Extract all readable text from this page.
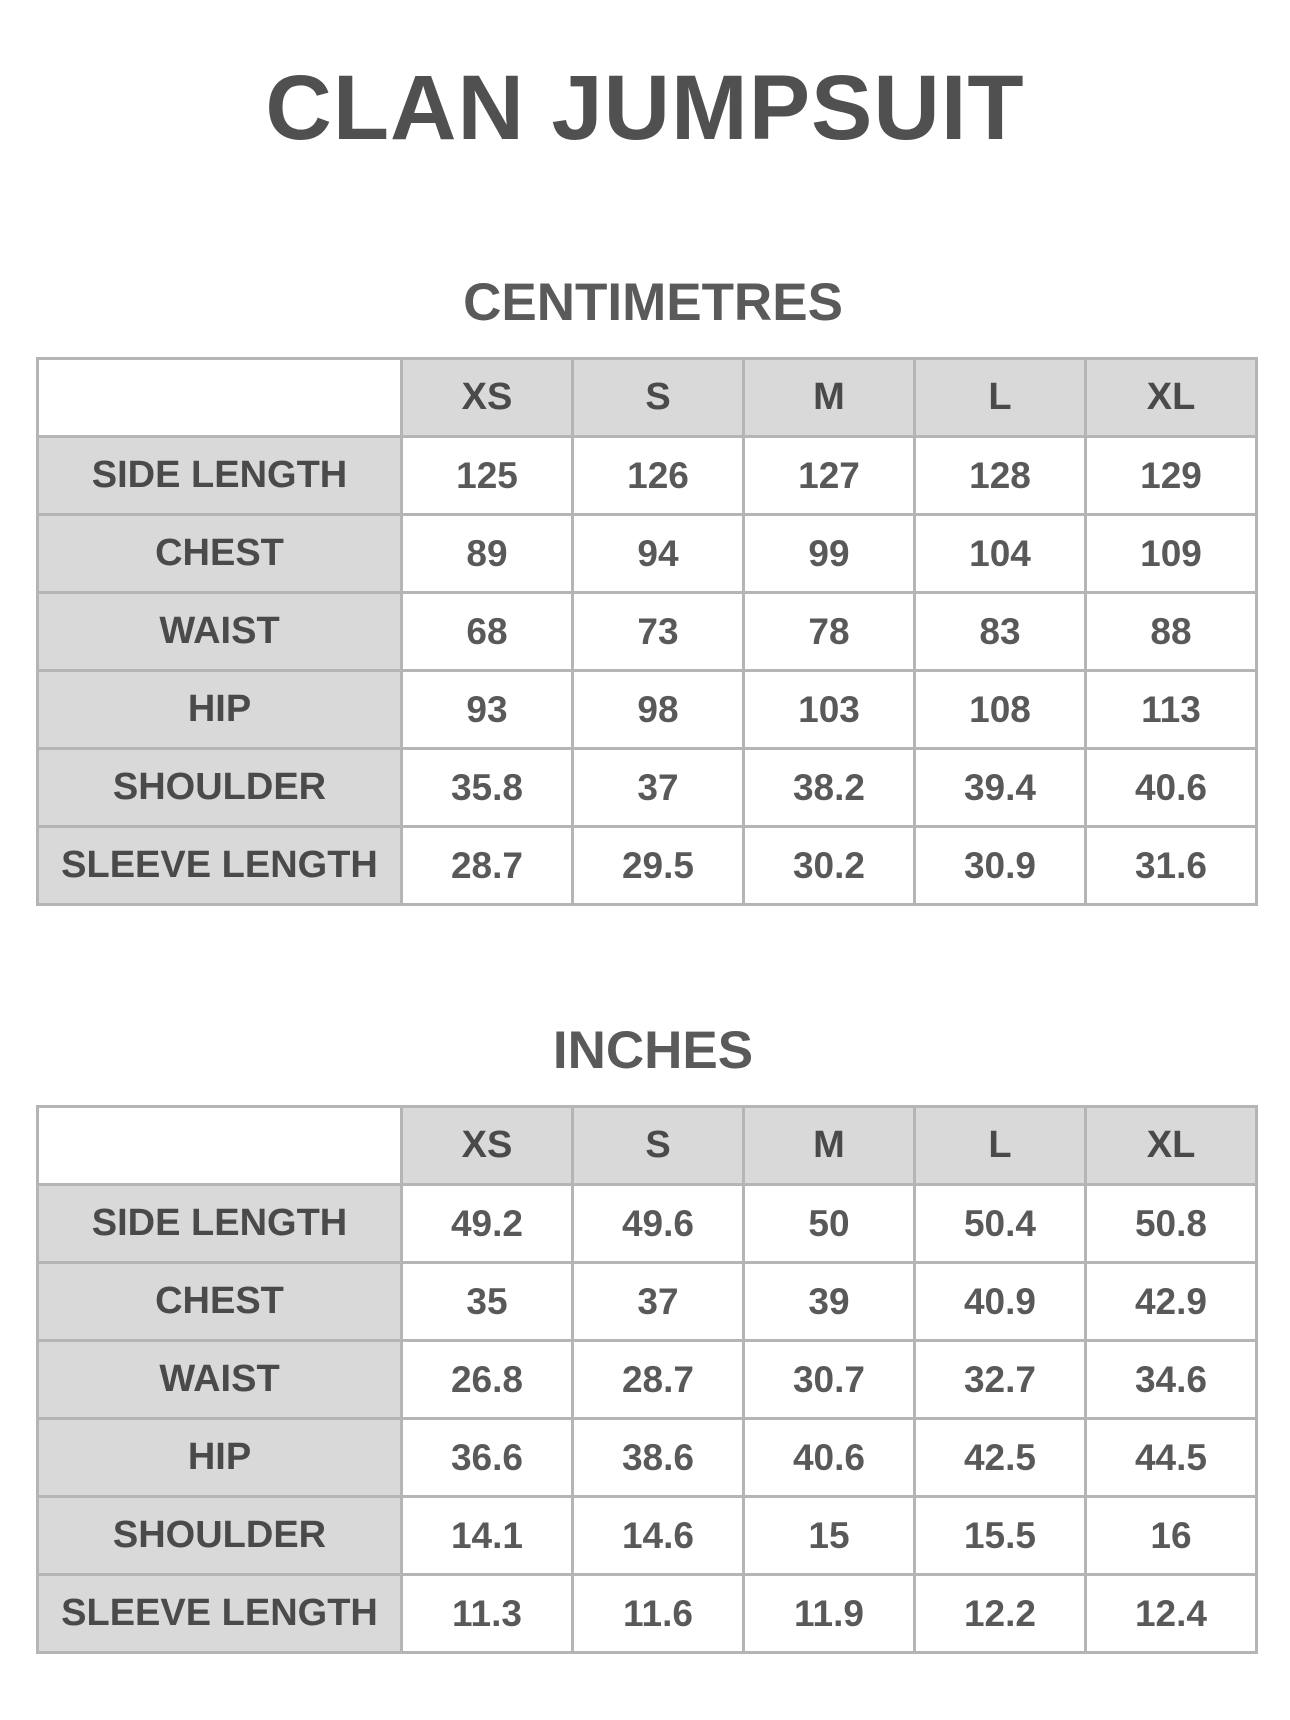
CLAN JUMPSUIT
CENTIMETRES
	XS	S	M	L	XL
SIDE LENGTH	125	126	127	128	129
CHEST	89	94	99	104	109
WAIST	68	73	78	83	88
HIP	93	98	103	108	113
SHOULDER	35.8	37	38.2	39.4	40.6
SLEEVE LENGTH	28.7	29.5	30.2	30.9	31.6
INCHES
	XS	S	M	L	XL
SIDE LENGTH	49.2	49.6	50	50.4	50.8
CHEST	35	37	39	40.9	42.9
WAIST	26.8	28.7	30.7	32.7	34.6
HIP	36.6	38.6	40.6	42.5	44.5
SHOULDER	14.1	14.6	15	15.5	16
SLEEVE LENGTH	11.3	11.6	11.9	12.2	12.4
